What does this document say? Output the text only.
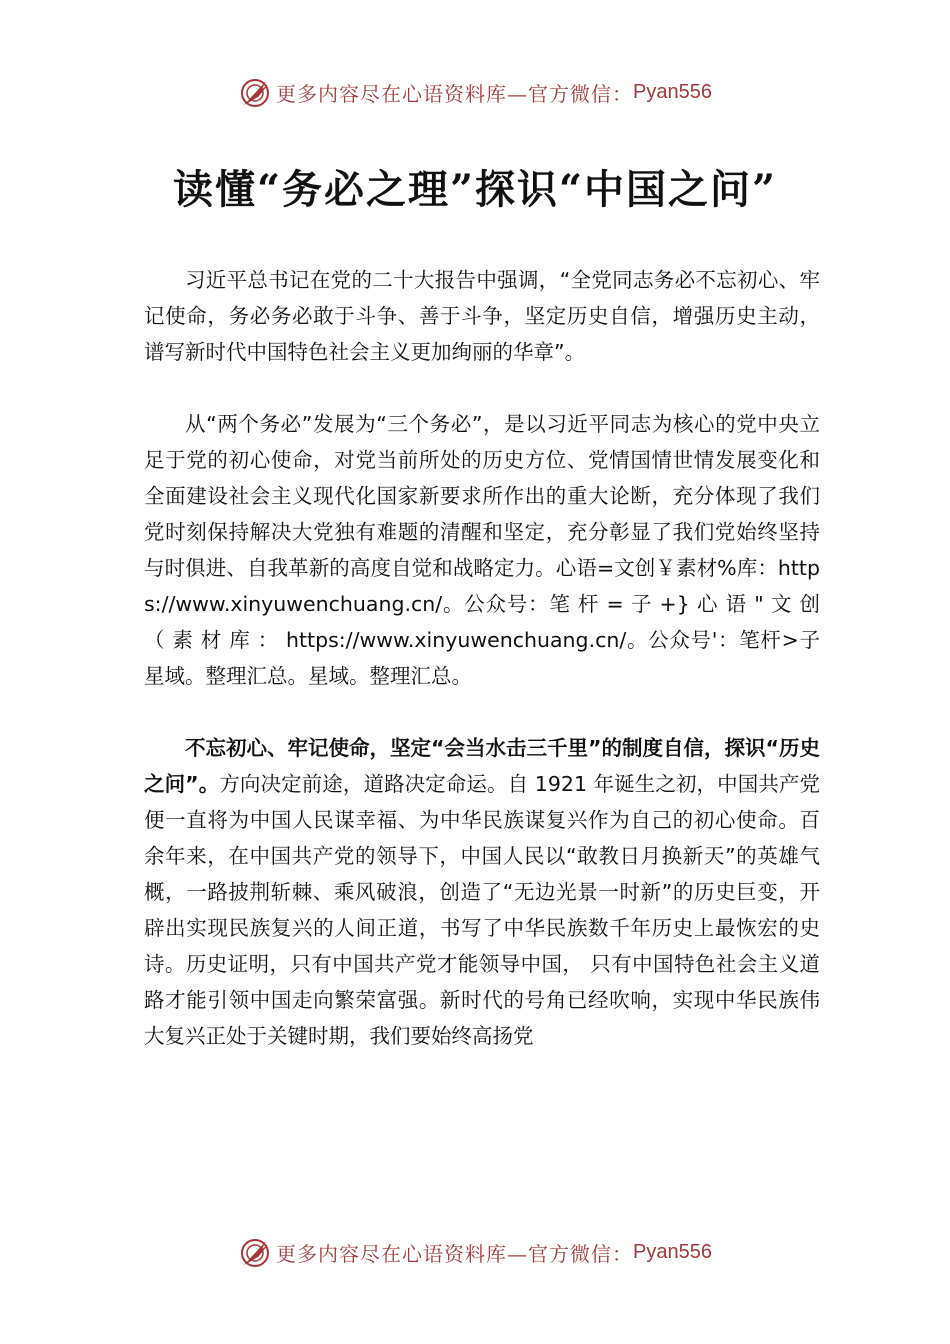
更多内容尽在心语资料库—官方微信： Pyan556
读懂“务必之理”探识“中国之问”

习近平总书记在党的二十大报告中强调，“全党同志务必不忘初心、牢记使命，务必务必敢于斗争、善于斗争，坚定历史自信，增强历史主动，谱写新时代中国特色社会主义更加绚丽的华章”。

从“两个务必”发展为“三个务必”，是以习近平同志为核心的党中央立足于党的初心使命，对党当前所处的历史方位、党情国情世情发展变化和全面建设社会主义现代化国家新要求所作出的重大论断，充分体现了我们党时刻保持解决大党独有难题的清醒和坚定，充分彰显了我们党始终坚持与时俱进、自我革新的高度自觉和战略定力。心语=文创￥素材%库：https://www.xinyuwenchuang.cn/。公众号：笔 杆 = 子 +} 心 语 " 文 创 （ 素 材 库 ： https://www.xinyuwenchuang.cn/。公众号'：笔杆>子星域。整理汇总。星域。整理汇总。

不忘初心、牢记使命，坚定“会当水击三千里”的制度自信，探识“历史之问”。方向决定前途，道路决定命运。自 1921 年诞生之初，中国共产党便一直将为中国人民谋幸福、为中华民族谋复兴作为自己的初心使命。百余年来，在中国共产党的领导下，中国人民以“敢教日月换新天”的英雄气概，一路披荆斩棘、乘风破浪，创造了“无边光景一时新”的历史巨变，开辟出实现民族复兴的人间正道，书写了中华民族数千年历史上最恢宏的史诗。历史证明，只有中国共产党才能领导中国， 只有中国特色社会主义道路才能引领中国走向繁荣富强。新时代的号角已经吹响，实现中华民族伟大复兴正处于关键时期，我们要始终高扬党

更多内容尽在心语资料库—官方微信： Pyan556
